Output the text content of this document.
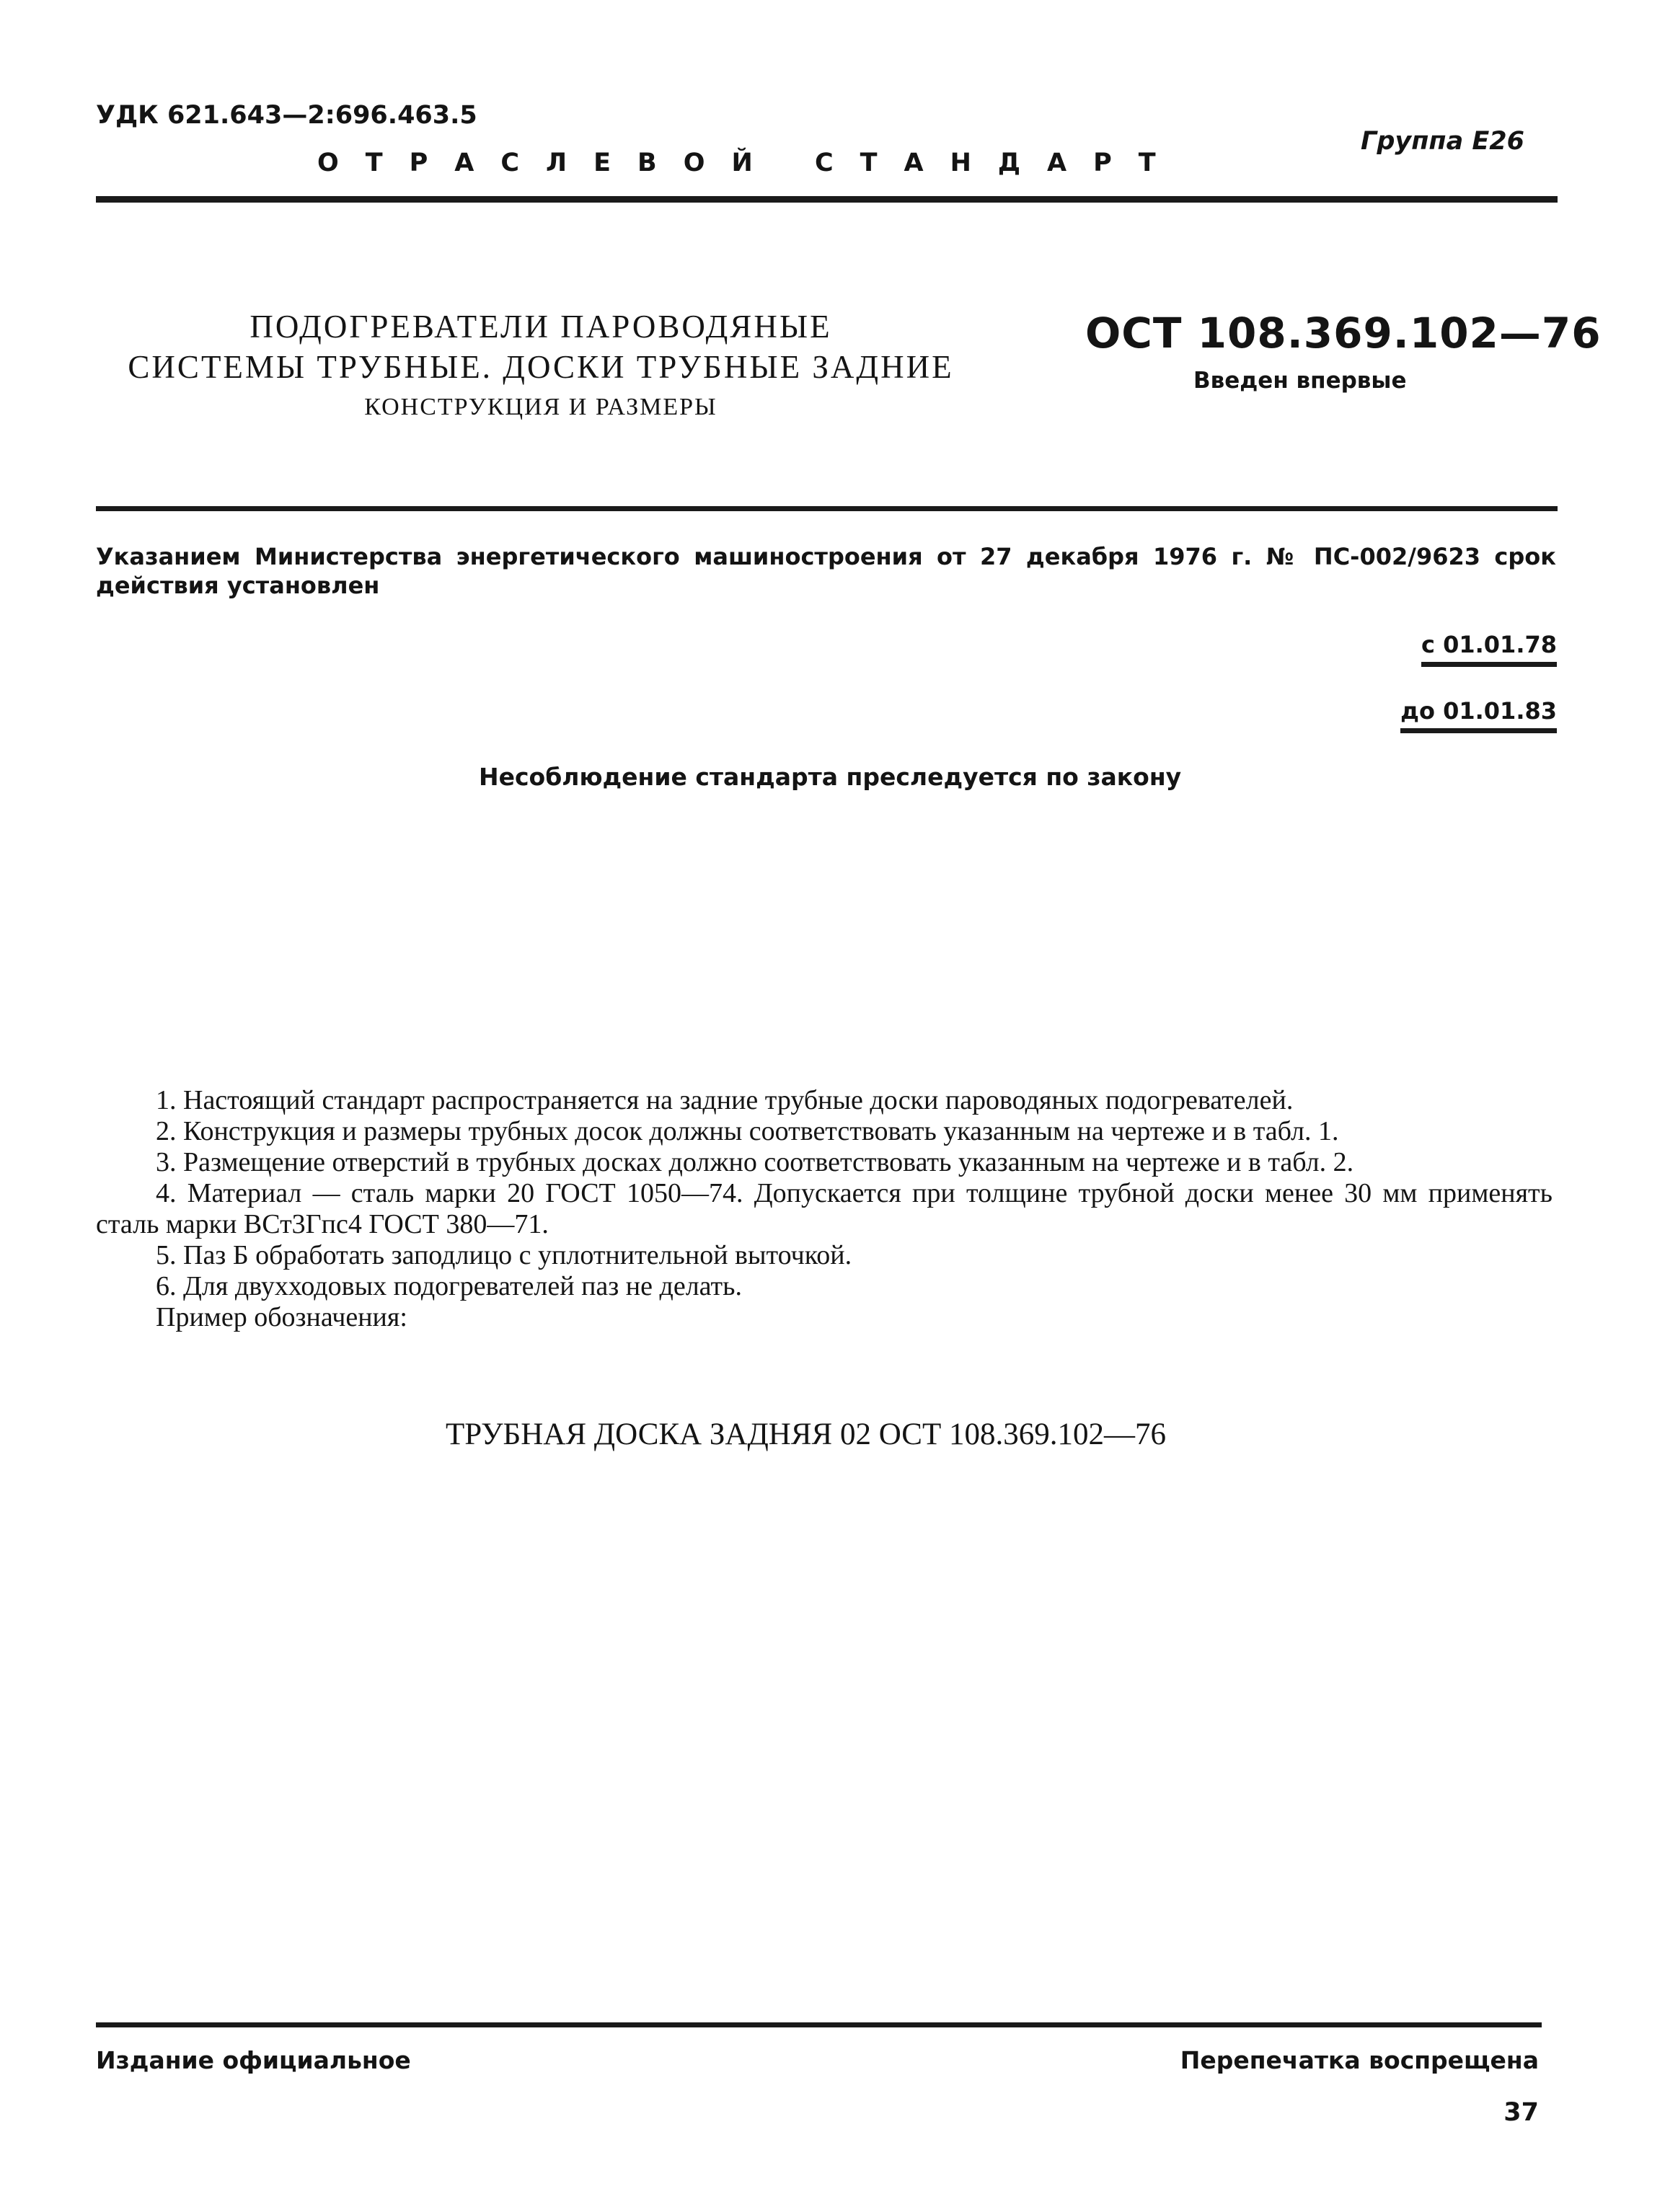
УДК 621.643—2:696.463.5
Группа Е26
ОТРАСЛЕВОЙ СТАНДАРТ
ПОДОГРЕВАТЕЛИ ПАРОВОДЯНЫЕ
СИСТЕМЫ ТРУБНЫЕ. ДОСКИ ТРУБНЫЕ ЗАДНИЕ
КОНСТРУКЦИЯ И РАЗМЕРЫ
ОСТ 108.369.102—76
Введен впервые
Указанием Министерства энергетического машиностроения от 27 декабря 1976 г. № ПС-002/9623 срок действия установлен
с 01.01.78
до 01.01.83
Несоблюдение стандарта преследуется по закону
1. Настоящий стандарт распространяется на задние трубные доски пароводяных подогревателей.
2. Конструкция и размеры трубных досок должны соответствовать указанным на чертеже и в табл. 1.
3. Размещение отверстий в трубных досках должно соответствовать указанным на чертеже и в табл. 2.
4. Материал — сталь марки 20 ГОСТ 1050—74. Допускается при толщине трубной доски менее 30 мм применять сталь марки ВСт3Гпс4 ГОСТ 380—71.
5. Паз Б обработать заподлицо с уплотнительной выточкой.
6. Для двухходовых подогревателей паз не делать.
Пример обозначения:
ТРУБНАЯ ДОСКА ЗАДНЯЯ 02 ОСТ 108.369.102—76
Издание официальное	Перепечатка воспрещена
37
